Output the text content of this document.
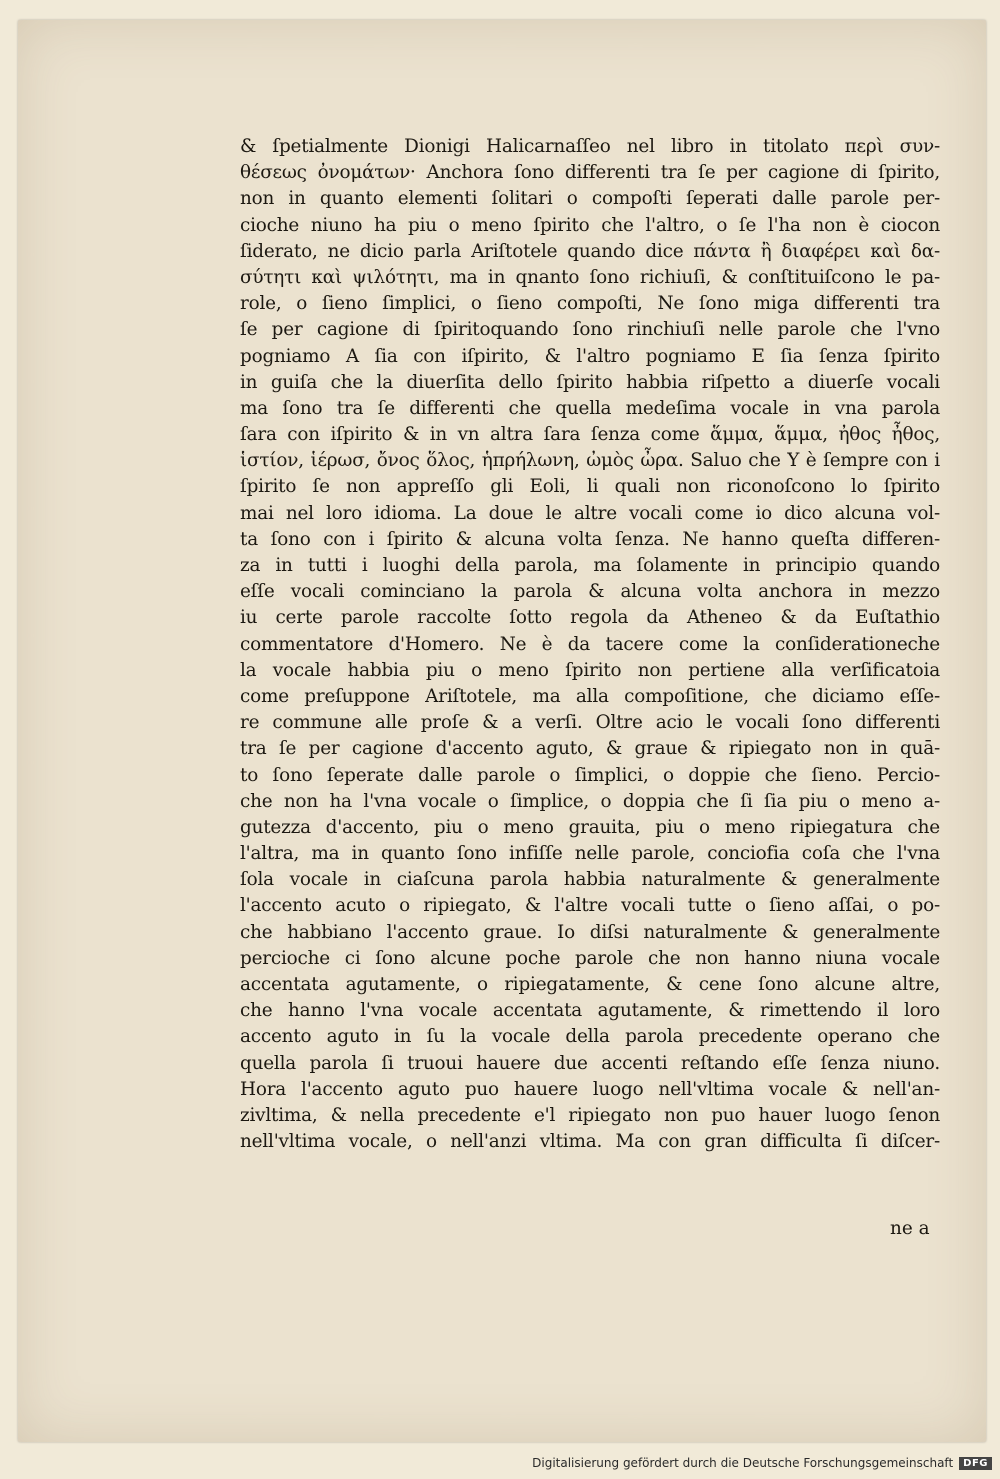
& ſpetialmente Dionigi Halicarnaſſeo nel libro in titolato περὶ συν-
θέσεως ὀνομάτων· Anchora ſono differenti tra ſe per cagione di ſpirito,
non in quanto elementi ſolitari o compoſti ſeperati dalle parole per-
cioche niuno ha piu o meno ſpirito che l'altro, o ſe l'ha non è ciocon
ſiderato, ne dicio parla Ariſtotele quando dice πάντα ἢ διαφέρει καὶ δα-
σύτητι καὶ ψιλότητι, ma in qnanto ſono richiuſi, & conſtituiſcono le pa-
role, o ſieno ſimplici, o ſieno compoſti, Ne ſono miga differenti tra
ſe per cagione di ſpiritoquando ſono rinchiuſi nelle parole che l'vno
pogniamo A ſia con iſpirito, & l'altro pogniamo E ſia ſenza ſpirito
in guiſa che la diuerſita dello ſpirito habbia riſpetto a diuerſe vocali
ma ſono tra ſe differenti che quella medeſima vocale in vna parola
ſara con iſpirito & in vn altra ſara ſenza come ἅμμα, ἅμμα, ἠθος ἦθος,
ἱστίον, ἱέρωσ, ὄνος ὅλος, ἡπρήλωνη, ὠμὸς ὦρα. Saluo che Y è ſempre con i
ſpirito ſe non appreſſo gli Eoli, li quali non riconoſcono lo ſpirito
mai nel loro idioma. La doue le altre vocali come io dico alcuna vol-
ta ſono con i ſpirito & alcuna volta ſenza. Ne hanno queſta differen-
za in tutti i luoghi della parola, ma ſolamente in principio quando
eſſe vocali cominciano la parola & alcuna volta anchora in mezzo
iu certe parole raccolte ſotto regola da Atheneo & da Euſtathio
commentatore d'Homero. Ne è da tacere come la conſiderationeche
la vocale habbia piu o meno ſpirito non pertiene alla verſificatoia
come preſuppone Ariſtotele, ma alla compoſitione, che diciamo eſſe-
re commune alle proſe & a verſi. Oltre acio le vocali ſono differenti
tra ſe per cagione d'accento aguto, & graue & ripiegato non in quā-
to ſono ſeperate dalle parole o ſimplici, o doppie che ſieno. Percio-
che non ha l'vna vocale o ſimplice, o doppia che ſi ſia piu o meno a-
gutezza d'accento, piu o meno grauita, piu o meno ripiegatura che
l'altra, ma in quanto ſono infiſſe nelle parole, conciofia coſa che l'vna
ſola vocale in ciaſcuna parola habbia naturalmente & generalmente
l'accento acuto o ripiegato, & l'altre vocali tutte o ſieno aſſai, o po-
che habbiano l'accento graue. Io diſsi naturalmente & generalmente
percioche ci ſono alcune poche parole che non hanno niuna vocale
accentata agutamente, o ripiegatamente, & cene ſono alcune altre,
che hanno l'vna vocale accentata agutamente, & rimettendo il loro
accento aguto in ſu la vocale della parola precedente operano che
quella parola ſi truoui hauere due accenti reſtando eſſe ſenza niuno.
Hora l'accento aguto puo hauere luogo nell'vltima vocale & nell'an-
zivltima, & nella precedente e'l ripiegato non puo hauer luogo ſenon
nell'vltima vocale, o nell'anzi vltima. Ma con gran difficulta ſi diſcer-
ne a
Digitalisierung gefördert durch die Deutsche Forschungsgemeinschaft	DFG
